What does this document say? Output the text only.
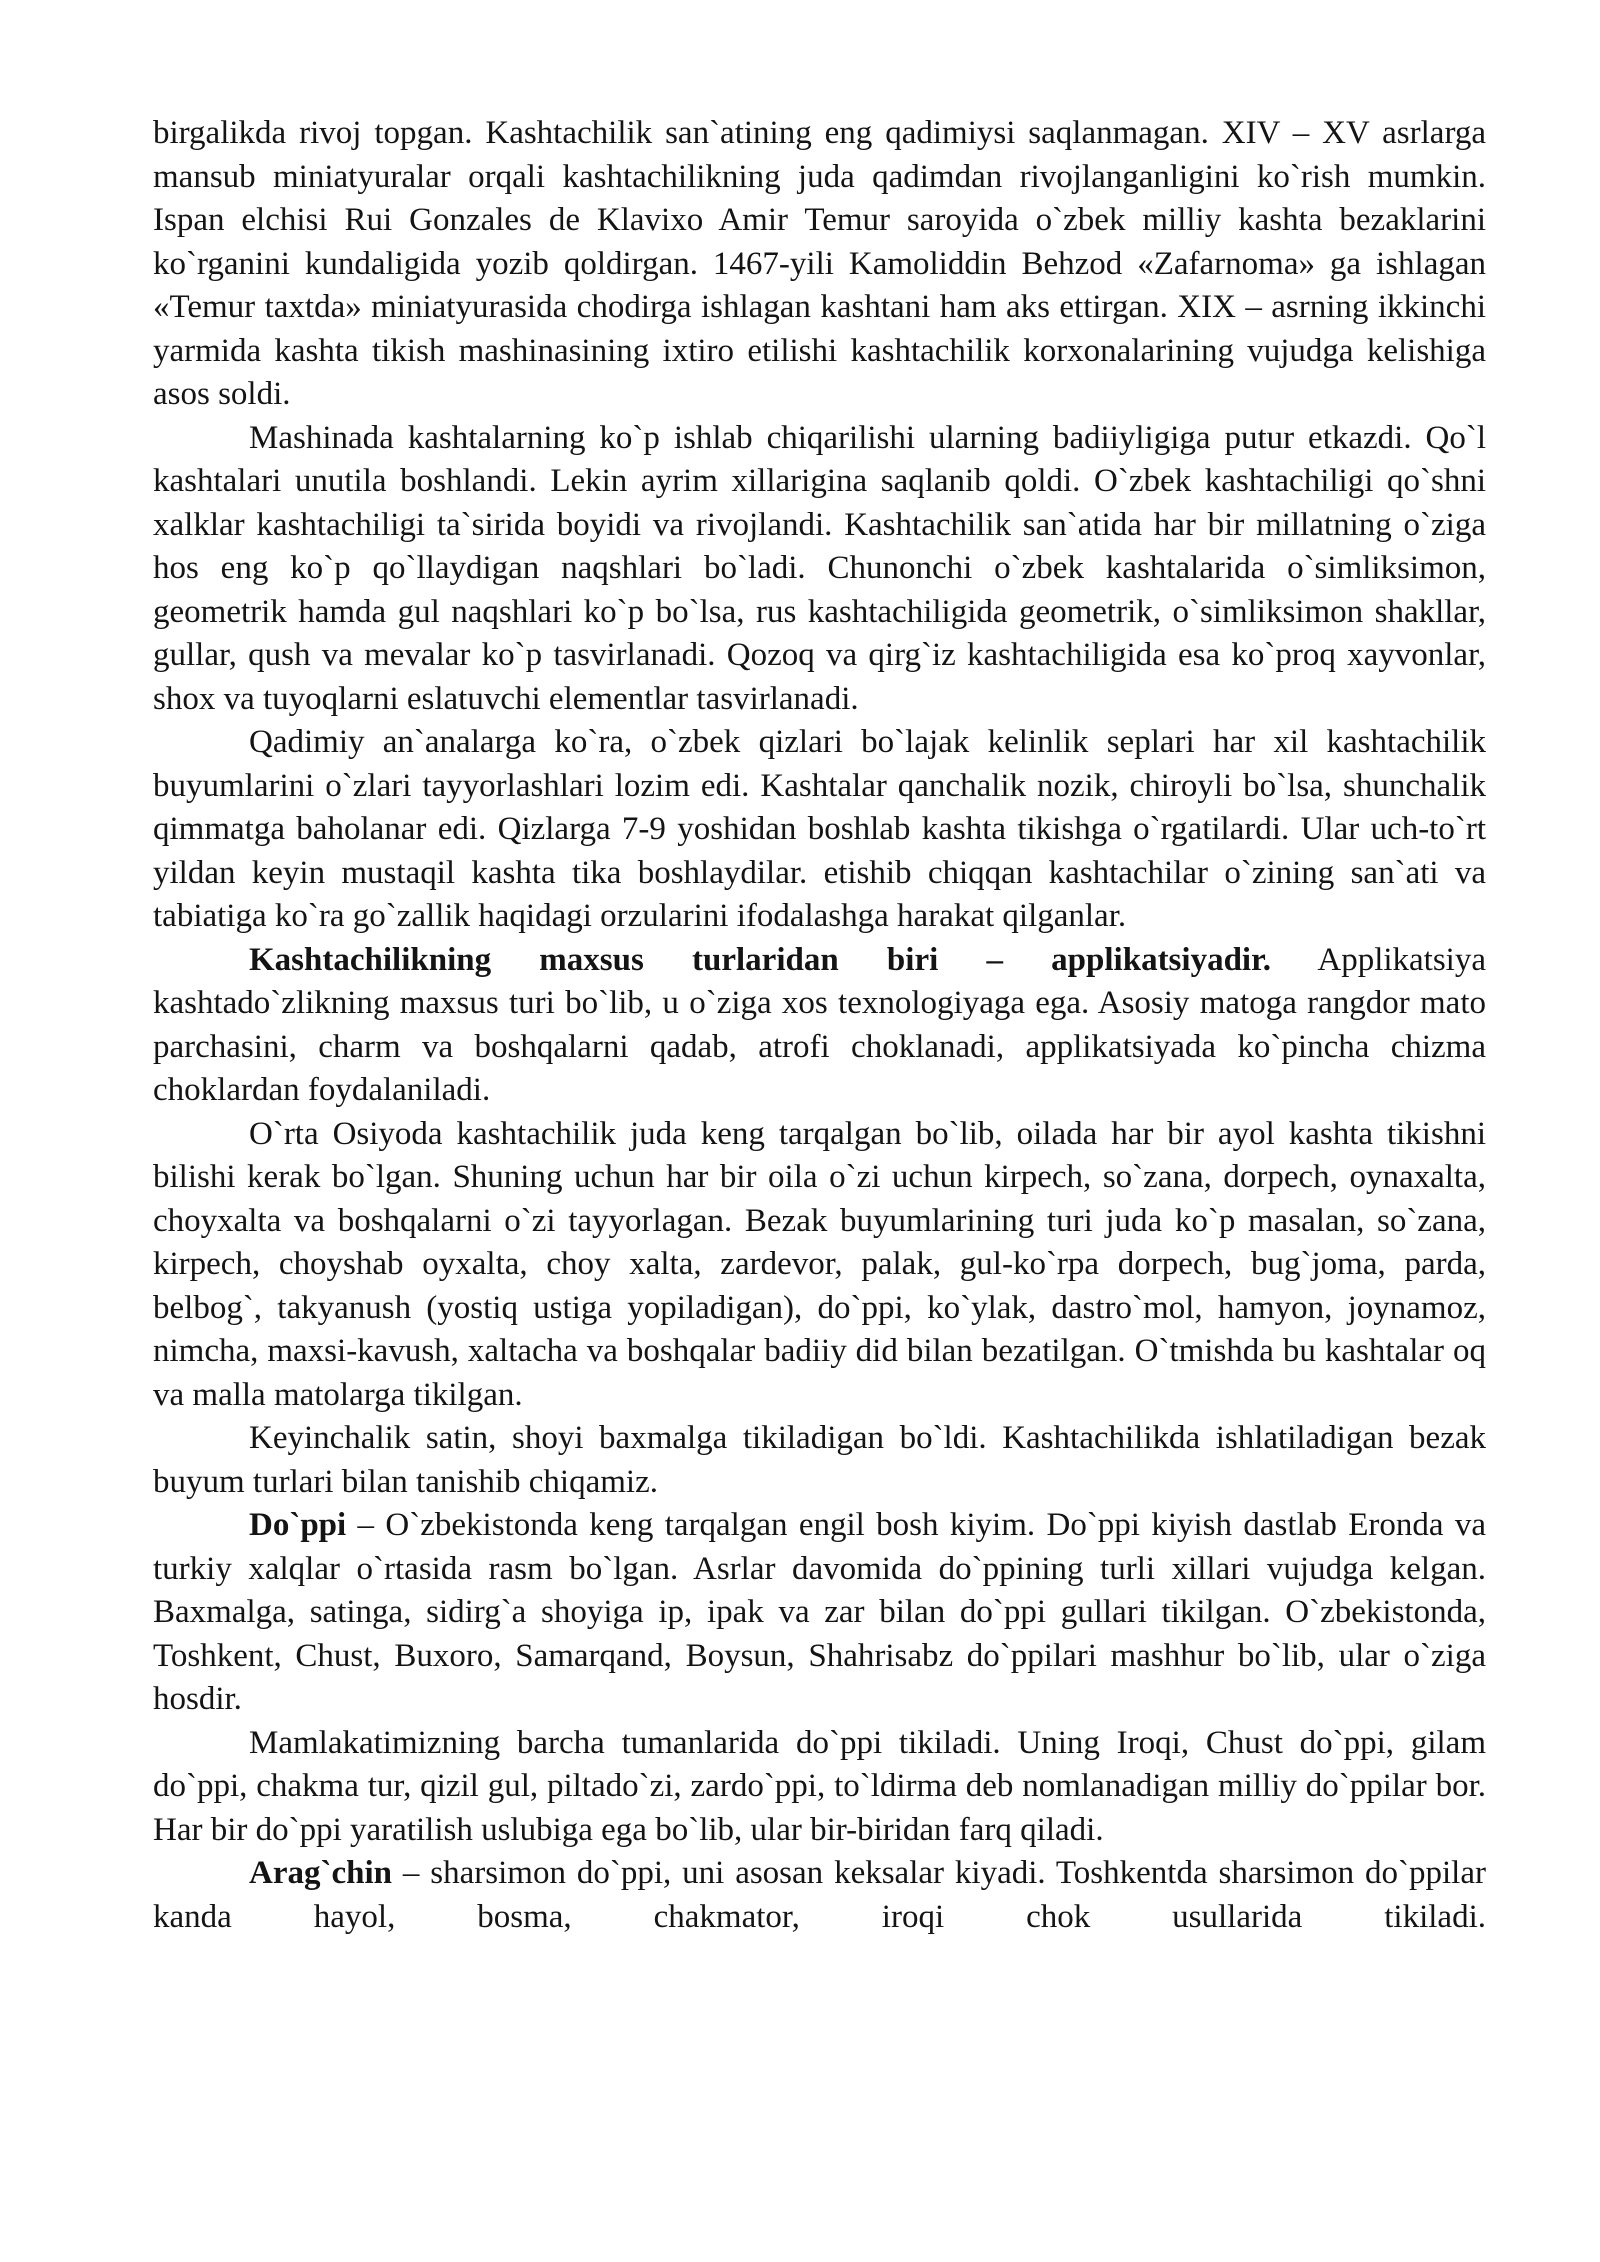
birgalikda rivoj topgan. Kashtachilik san`atining eng qadimiysi saqlanmagan. XIV – XV asrlarga mansub miniatyuralar orqali kashtachilikning juda qadimdan rivojlanganligini ko`rish mumkin. Ispan elchisi Rui Gonzales de Klavixo Amir Temur saroyida o`zbek milliy kashta bezaklarini ko`rganini kundaligida yozib qoldirgan. 1467-yili Kamoliddin Behzod «Zafarnoma» ga ishlagan «Temur taxtda» miniatyurasida chodirga ishlagan kashtani ham aks ettirgan. XIX – asrning ikkinchi yarmida kashta tikish mashinasining ixtiro etilishi kashtachilik korxonalarining vujudga kelishiga asos soldi.

Mashinada kashtalarning ko`p ishlab chiqarilishi ularning badiiyligiga putur etkazdi. Qo`l kashtalari unutila boshlandi. Lekin ayrim xillarigina saqlanib qoldi. O`zbek kashtachiligi qo`shni xalklar kashtachiligi ta`sirida boyidi va rivojlandi. Kashtachilik san`atida har bir millatning o`ziga hos eng ko`p qo`llaydigan naqshlari bo`ladi. Chunonchi o`zbek kashtalarida o`simliksimon, geometrik hamda gul naqshlari ko`p bo`lsa, rus kashtachiligida geometrik, o`simliksimon shakllar, gullar, qush va mevalar ko`p tasvirlanadi. Qozoq va qirg`iz kashtachiligida esa ko`proq xayvonlar, shox va tuyoqlarni eslatuvchi elementlar tasvirlanadi.

Qadimiy an`analarga ko`ra, o`zbek qizlari bo`lajak kelinlik seplari har xil kashtachilik buyumlarini o`zlari tayyorlashlari lozim edi. Kashtalar qanchalik nozik, chiroyli bo`lsa, shunchalik qimmatga baholanar edi. Qizlarga 7-9 yoshidan boshlab kashta tikishga o`rgatilardi. Ular uch-to`rt yildan keyin mustaqil kashta tika boshlaydilar. etishib chiqqan kashtachilar o`zining san`ati va tabiatiga ko`ra go`zallik haqidagi orzularini ifodalashga harakat qilganlar.

Kashtachilikning maxsus turlaridan biri – applikatsiyadir. Applikatsiya kashtado`zlikning maxsus turi bo`lib, u o`ziga xos texnologiyaga ega. Asosiy matoga rangdor mato parchasini, charm va boshqalarni qadab, atrofi choklanadi, applikatsiyada ko`pincha chizma choklardan foydalaniladi.

O`rta Osiyoda kashtachilik juda keng tarqalgan bo`lib, oilada har bir ayol kashta tikishni bilishi kerak bo`lgan. Shuning uchun har bir oila o`zi uchun kirpech, so`zana, dorpech, oynaxalta, choyxalta va boshqalarni o`zi tayyorlagan. Bezak buyumlarining turi juda ko`p masalan, so`zana, kirpech, choyshab oyxalta, choy xalta, zardevor, palak, gul-ko`rpa dorpech, bug`joma, parda, belbog`, takyanush (yostiq ustiga yopiladigan), do`ppi, ko`ylak, dastro`mol, hamyon, joynamoz, nimcha, maxsi-kavush, xaltacha va boshqalar badiiy did bilan bezatilgan. O`tmishda bu kashtalar oq va malla matolarga tikilgan.

Keyinchalik satin, shoyi baxmalga tikiladigan bo`ldi. Kashtachilikda ishlatiladigan bezak buyum turlari bilan tanishib chiqamiz.

Do`ppi – O`zbekistonda keng tarqalgan engil bosh kiyim. Do`ppi kiyish dastlab Eronda va turkiy xalqlar o`rtasida rasm bo`lgan. Asrlar davomida do`ppining turli xillari vujudga kelgan. Baxmalga, satinga, sidirg`a shoyiga ip, ipak va zar bilan do`ppi gullari tikilgan. O`zbekistonda, Toshkent, Chust, Buxoro, Samarqand, Boysun, Shahrisabz do`ppilari mashhur bo`lib, ular o`ziga hosdir.

Mamlakatimizning barcha tumanlarida do`ppi tikiladi. Uning Iroqi, Chust do`ppi, gilam do`ppi, chakma tur, qizil gul, piltado`zi, zardo`ppi, to`ldirma deb nomlanadigan milliy do`ppilar bor. Har bir do`ppi yaratilish uslubiga ega bo`lib, ular bir-biridan farq qiladi.

Arag`chin – sharsimon do`ppi, uni asosan keksalar kiyadi. Toshkentda sharsimon do`ppilar kanda hayol, bosma, chakmator, iroqi chok usullarida tikiladi.
